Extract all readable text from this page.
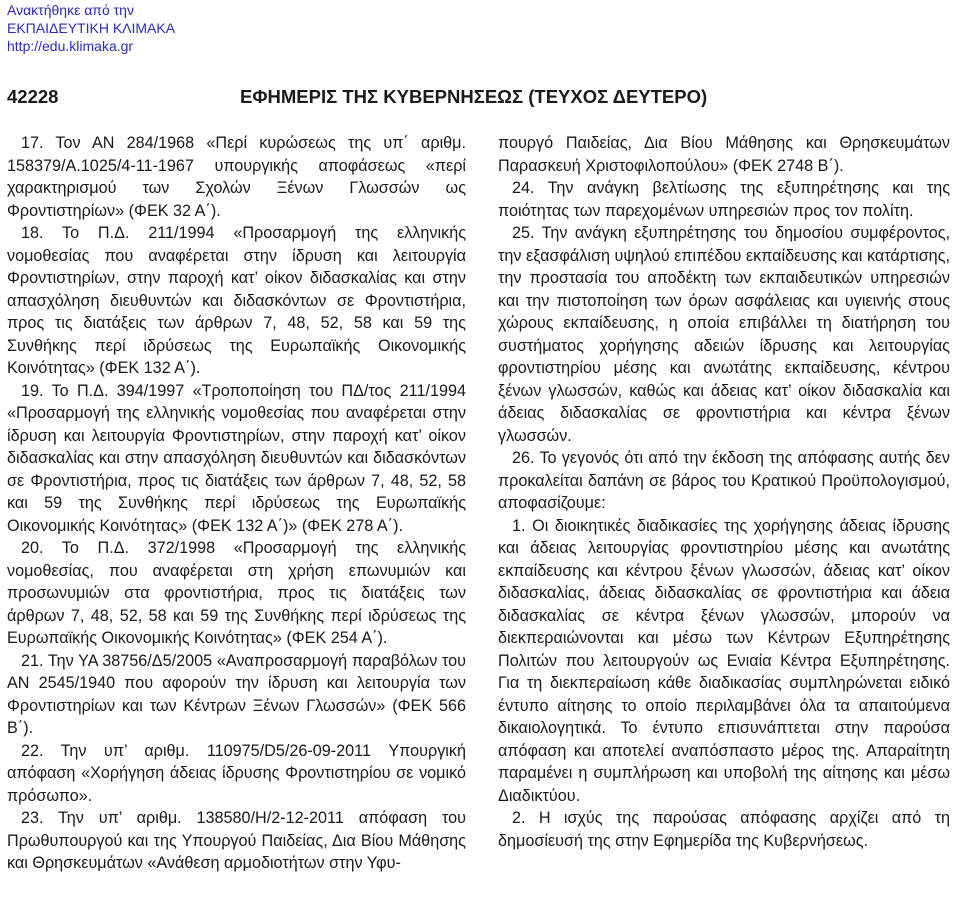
Ανακτήθηκε από την
ΕΚΠΑΙΔΕΥΤΙΚΗ ΚΛΙΜΑΚΑ
http://edu.klimaka.gr
42228	ΕΦΗΜΕΡΙΣ ΤΗΣ ΚΥΒΕΡΝΗΣΕΩΣ (ΤΕΥΧΟΣ ΔΕΥΤΕΡΟ)

17. Τον ΑΝ 284/1968 «Περί κυρώσεως της υπ΄ αριθμ. 158379/Α.1025/4-11-1967 υπουργικής αποφάσεως «περί χαρακτηρισμού των Σχολών Ξένων Γλωσσών ως Φροντιστηρίων» (ΦΕΚ 32 Α΄).

18. Το Π.Δ. 211/1994 «Προσαρμογή της ελληνικής νομοθεσίας που αναφέρεται στην ίδρυση και λειτουργία Φροντιστηρίων, στην παροχή κατ’ οίκον διδασκαλίας και στην απασχόληση διευθυντών και διδασκόντων σε Φροντιστήρια, προς τις διατάξεις των άρθρων 7, 48, 52, 58 και 59 της Συνθήκης περί ιδρύσεως της Ευρωπαϊκής Οικονομικής Κοινότητας» (ΦΕΚ 132 Α΄).

19. Το Π.Δ. 394/1997 «Τροποποίηση του ΠΔ/τος 211/1994 «Προσαρμογή της ελληνικής νομοθεσίας που αναφέρεται στην ίδρυση και λειτουργία Φροντιστηρίων, στην παροχή κατ’ οίκον διδασκαλίας και στην απασχόληση διευθυντών και διδασκόντων σε Φροντιστήρια, προς τις διατάξεις των άρθρων 7, 48, 52, 58 και 59 της Συνθήκης περί ιδρύσεως της Ευρωπαϊκής Οικονομικής Κοινότητας» (ΦΕΚ 132 Α΄)» (ΦΕΚ 278 Α΄).

20. Το Π.Δ. 372/1998 «Προσαρμογή της ελληνικής νομοθεσίας, που αναφέρεται στη χρήση επωνυμιών και προσωνυμιών στα φροντιστήρια, προς τις διατάξεις των άρθρων 7, 48, 52, 58 και 59 της Συνθήκης περί ιδρύσεως της Ευρωπαϊκής Οικονομικής Κοινότητας» (ΦΕΚ 254 Α΄).

21. Την ΥΑ 38756/Δ5/2005 «Αναπροσαρμογή παραβόλων του ΑΝ 2545/1940 που αφορούν την ίδρυση και λειτουργία των Φροντιστηρίων και των Κέντρων Ξένων Γλωσσών» (ΦΕΚ 566 Β΄).

22. Την υπ’ αριθμ. 110975/D5/26-09-2011 Υπουργική απόφαση «Χορήγηση άδειας ίδρυσης Φροντιστηρίου σε νομικό πρόσωπο».

23. Την υπ’ αριθμ. 138580/Η/2-12-2011 απόφαση του Πρωθυπουργού και της Υπουργού Παιδείας, Δια Βίου Μάθησης και Θρησκευμάτων «Ανάθεση αρμοδιοτήτων στην Υφυ-

πουργό Παιδείας, Δια Βίου Μάθησης και Θρησκευμάτων Παρασκευή Χριστοφιλοπούλου» (ΦΕΚ 2748 Β΄).

24. Την ανάγκη βελτίωσης της εξυπηρέτησης και της ποιότητας των παρεχομένων υπηρεσιών προς τον πολίτη.

25. Την ανάγκη εξυπηρέτησης του δημοσίου συμφέροντος, την εξασφάλιση υψηλού επιπέδου εκπαίδευσης και κατάρτισης, την προστασία του αποδέκτη των εκπαιδευτικών υπηρεσιών και την πιστοποίηση των όρων ασφάλειας και υγιεινής στους χώρους εκπαίδευσης, η οποία επιβάλλει τη διατήρηση του συστήματος χορήγησης αδειών ίδρυσης και λειτουργίας φροντιστηρίου μέσης και ανωτάτης εκπαίδευσης, κέντρου ξένων γλωσσών, καθώς και άδειας κατ’ οίκον διδασκαλία και άδειας διδασκαλίας σε φροντιστήρια και κέντρα ξένων γλωσσών.

26. Το γεγονός ότι από την έκδοση της απόφασης αυτής δεν προκαλείται δαπάνη σε βάρος του Κρατικού Προϋπολογισμού, αποφασίζουμε:

1. Οι διοικητικές διαδικασίες της χορήγησης άδειας ίδρυσης και άδειας λειτουργίας φροντιστηρίου μέσης και ανωτάτης εκπαίδευσης και κέντρου ξένων γλωσσών, άδειας κατ’ οίκον διδασκαλίας, άδειας διδασκαλίας σε φροντιστήρια και άδεια διδασκαλίας σε κέντρα ξένων γλωσσών, μπορούν να διεκπεραιώνονται και μέσω των Κέντρων Εξυπηρέτησης Πολιτών που λειτουργούν ως Ενιαία Κέντρα Εξυπηρέτησης. Για τη διεκπεραίωση κάθε διαδικασίας συμπληρώνεται ειδικό έντυπο αίτησης το οποίο περιλαμβάνει όλα τα απαιτούμενα δικαιολογητικά. Το έντυπο επισυνάπτεται στην παρούσα απόφαση και αποτελεί αναπόσπαστο μέρος της. Απαραίτητη παραμένει η συμπλήρωση και υποβολή της αίτησης και μέσω Διαδικτύου.

2. Η ισχύς της παρούσας απόφασης αρχίζει από τη δημοσίευσή της στην Εφημερίδα της Κυβερνήσεως.
